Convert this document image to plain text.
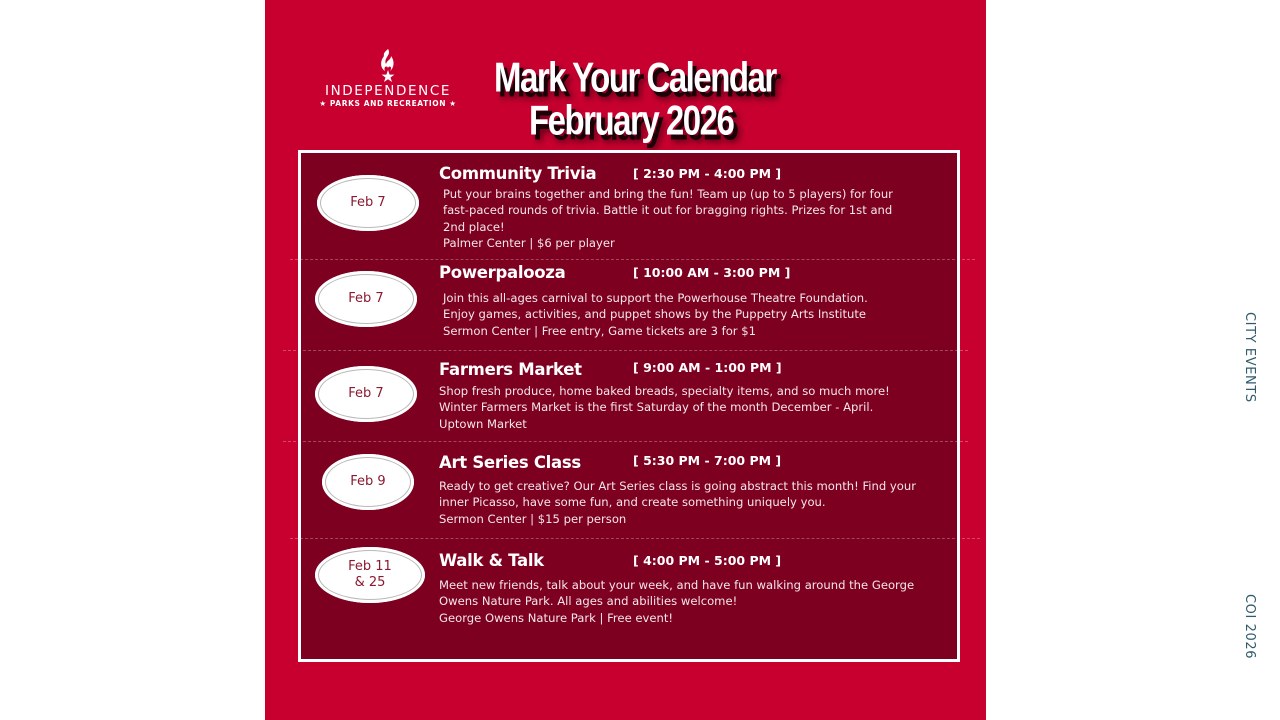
INDEPENDENCE
★ PARKS AND RECREATION ★
Mark Your Calendar
February 2026
Feb 7
Community Trivia	[ 2:30 PM - 4:00 PM ]
Put your brains together and bring the fun! Team up (up to 5 players) for four
fast-paced rounds of trivia. Battle it out for bragging rights. Prizes for 1st and
2nd place!
Palmer Center | $6 per player
Feb 7
Powerpalooza	[ 10:00 AM - 3:00 PM ]
Join this all-ages carnival to support the Powerhouse Theatre Foundation.
Enjoy games, activities, and puppet shows by the Puppetry Arts Institute
Sermon Center | Free entry, Game tickets are 3 for $1
Feb 7
Farmers Market	[ 9:00 AM - 1:00 PM ]
Shop fresh produce, home baked breads, specialty items, and so much more!
Winter Farmers Market is the first Saturday of the month December - April.
Uptown Market
Feb 9
Art Series Class	[ 5:30 PM - 7:00 PM ]
Ready to get creative? Our Art Series class is going abstract this month! Find your
inner Picasso, have some fun, and create something uniquely you.
Sermon Center | $15 per person
Feb 11
& 25
Walk & Talk	[ 4:00 PM - 5:00 PM ]
Meet new friends, talk about your week, and have fun walking around the George
Owens Nature Park. All ages and abilities welcome!
George Owens Nature Park | Free event!
CITY EVENTS
COI 2026
